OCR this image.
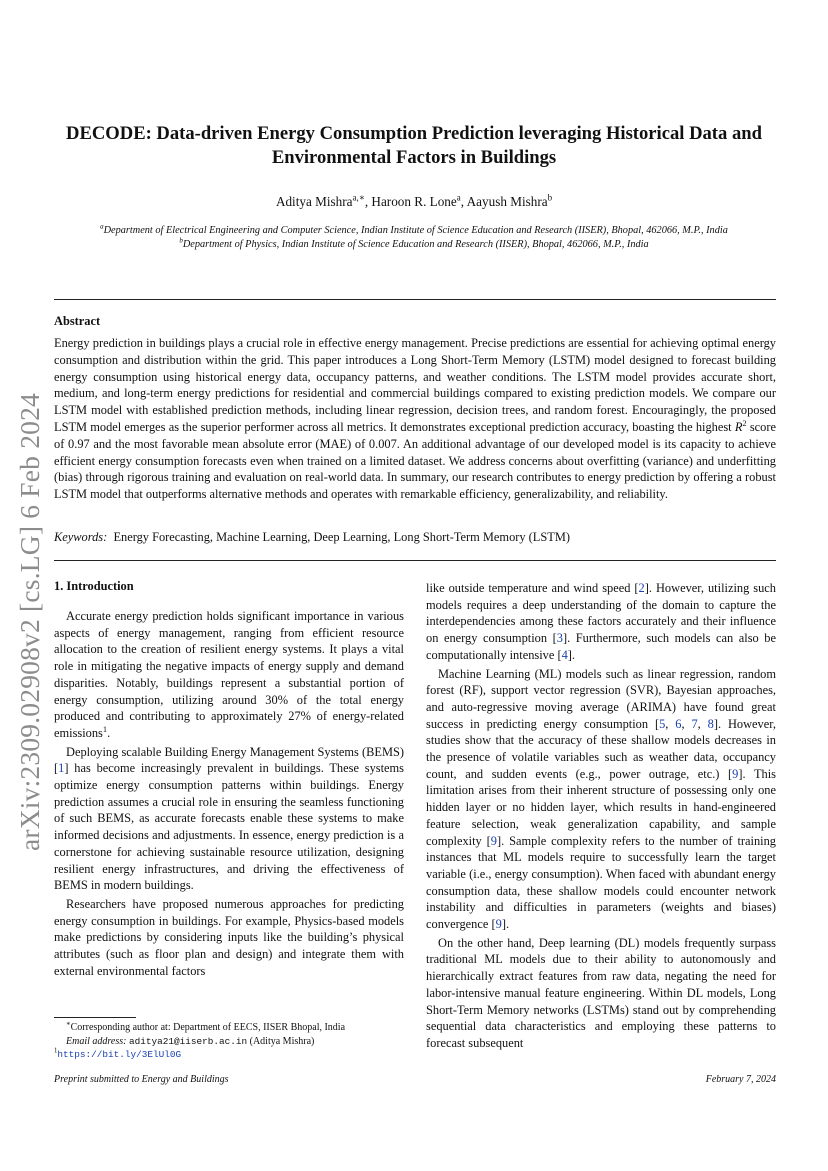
arXiv:2309.02908v2 [cs.LG] 6 Feb 2024
DECODE: Data-driven Energy Consumption Prediction leveraging Historical Data and Environmental Factors in Buildings
Aditya Mishra$^{a,∗}$, Haroon R. Lone$^a$, Aayush Mishra$^b$
$^a$Department of Electrical Engineering and Computer Science, Indian Institute of Science Education and Research (IISER), Bhopal, 462066, M.P., India
$^b$Department of Physics, Indian Institute of Science Education and Research (IISER), Bhopal, 462066, M.P., India
Abstract

Energy prediction in buildings plays a crucial role in effective energy management. Precise predictions are essential for achieving optimal energy consumption and distribution within the grid. This paper introduces a Long Short-Term Memory (LSTM) model designed to forecast building energy consumption using historical energy data, occupancy patterns, and weather conditions. The LSTM model provides accurate short, medium, and long-term energy predictions for residential and commercial buildings compared to existing prediction models. We compare our LSTM model with established prediction methods, including linear regression, decision trees, and random forest. Encouragingly, the proposed LSTM model emerges as the superior performer across all metrics. It demonstrates exceptional prediction accuracy, boasting the highest $R^2$ score of 0.97 and the most favorable mean absolute error (MAE) of 0.007. An additional advantage of our developed model is its capacity to achieve efficient energy consumption forecasts even when trained on a limited dataset. We address concerns about overfitting (variance) and underfitting (bias) through rigorous training and evaluation on real-world data. In summary, our research contributes to energy prediction by offering a robust LSTM model that outperforms alternative methods and operates with remarkable efficiency, generalizability, and reliability.

Keywords: Energy Forecasting, Machine Learning, Deep Learning, Long Short-Term Memory (LSTM)
1. Introduction

Accurate energy prediction holds significant importance in various aspects of energy management, ranging from efficient resource allocation to the creation of resilient energy systems. It plays a vital role in mitigating the negative impacts of energy supply and demand disparities. Notably, buildings represent a substantial portion of energy consumption, utilizing around 30% of the total energy produced and contributing to approximately 27% of energy-related emissions$^1$.

Deploying scalable Building Energy Management Systems (BEMS) [1] has become increasingly prevalent in buildings. These systems optimize energy consumption patterns within buildings. Energy prediction assumes a crucial role in ensuring the seamless functioning of such BEMS, as accurate forecasts enable these systems to make informed decisions and adjustments. In essence, energy prediction is a cornerstone for achieving sustainable resource utilization, designing resilient energy infrastructures, and driving the effectiveness of BEMS in modern buildings.

Researchers have proposed numerous approaches for predicting energy consumption in buildings. For example, Physics-based models make predictions by considering inputs like the building’s physical attributes (such as floor plan and design) and integrate them with external environmental factors

like outside temperature and wind speed [2]. However, utilizing such models requires a deep understanding of the domain to capture the interdependencies among these factors accurately and their influence on energy consumption [3]. Furthermore, such models can also be computationally intensive [4].

Machine Learning (ML) models such as linear regression, random forest (RF), support vector regression (SVR), Bayesian approaches, and auto-regressive moving average (ARIMA) have found great success in predicting energy consumption [5, 6, 7, 8]. However, studies show that the accuracy of these shallow models decreases in the presence of volatile variables such as weather data, occupancy count, and sudden events (e.g., power outrage, etc.) [9]. This limitation arises from their inherent structure of possessing only one hidden layer or no hidden layer, which results in hand-engineered feature selection, weak generalization capability, and sample complexity [9]. Sample complexity refers to the number of training instances that ML models require to successfully learn the target variable (i.e., energy consumption). When faced with abundant energy consumption data, these shallow models could encounter network instability and difficulties in parameters (weights and biases) convergence [9].

On the other hand, Deep learning (DL) models frequently surpass traditional ML models due to their ability to autonomously and hierarchically extract features from raw data, negating the need for labor-intensive manual feature engineering. Within DL models, Long Short-Term Memory networks (LSTMs) stand out by comprehending sequential data characteristics and employing these patterns to forecast subsequent

∗Corresponding author at: Department of EECS, IISER Bhopal, India
Email address: aditya21@iiserb.ac.in (Aditya Mishra)
$^1$https://bit.ly/3ElUl0G
Preprint submitted to Energy and Buildings	February 7, 2024
